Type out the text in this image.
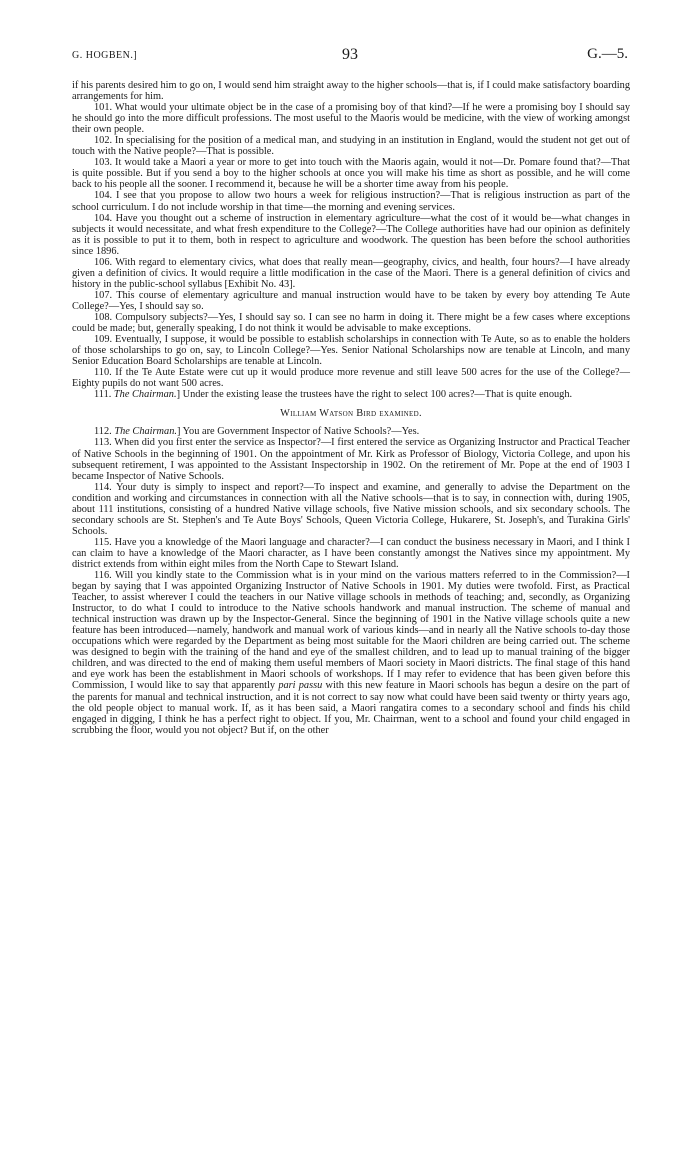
G. HOGBEN.]	93	G.—5.

if his parents desired him to go on, I would send him straight away to the higher schools—that is, if I could make satisfactory boarding arrangements for him.

101. What would your ultimate object be in the case of a promising boy of that kind?—If he were a promising boy I should say he should go into the more difficult professions. The most useful to the Maoris would be medicine, with the view of working amongst their own people.

102. In specialising for the position of a medical man, and studying in an institution in England, would the student not get out of touch with the Native people?—That is possible.

103. It would take a Maori a year or more to get into touch with the Maoris again, would it not—Dr. Pomare found that?—That is quite possible. But if you send a boy to the higher schools at once you will make his time as short as possible, and he will come back to his people all the sooner. I recommend it, because he will be a shorter time away from his people.

104. I see that you propose to allow two hours a week for religious instruction?—That is religious instruction as part of the school curriculum. I do not include worship in that time—the morning and evening services.

104. Have you thought out a scheme of instruction in elementary agriculture—what the cost of it would be—what changes in subjects it would necessitate, and what fresh expenditure to the College?—The College authorities have had our opinion as definitely as it is possible to put it to them, both in respect to agriculture and woodwork. The question has been before the school authorities since 1896.

106. With regard to elementary civics, what does that really mean—geography, civics, and health, four hours?—I have already given a definition of civics. It would require a little modification in the case of the Maori. There is a general definition of civics and history in the public-school syllabus [Exhibit No. 43].

107. This course of elementary agriculture and manual instruction would have to be taken by every boy attending Te Aute College?—Yes, I should say so.

108. Compulsory subjects?—Yes, I should say so. I can see no harm in doing it. There might be a few cases where exceptions could be made; but, generally speaking, I do not think it would be advisable to make exceptions.

109. Eventually, I suppose, it would be possible to establish scholarships in connection with Te Aute, so as to enable the holders of those scholarships to go on, say, to Lincoln College?—Yes. Senior National Scholarships now are tenable at Lincoln, and many Senior Education Board Scholarships are tenable at Lincoln.

110. If the Te Aute Estate were cut up it would produce more revenue and still leave 500 acres for the use of the College?—Eighty pupils do not want 500 acres.

111. The Chairman.] Under the existing lease the trustees have the right to select 100 acres?—That is quite enough.

William Watson Bird examined.

112. The Chairman.] You are Government Inspector of Native Schools?—Yes.

113. When did you first enter the service as Inspector?—I first entered the service as Organizing Instructor and Practical Teacher of Native Schools in the beginning of 1901. On the appointment of Mr. Kirk as Professor of Biology, Victoria College, and upon his subsequent retirement, I was appointed to the Assistant Inspectorship in 1902. On the retirement of Mr. Pope at the end of 1903 I became Inspector of Native Schools.

114. Your duty is simply to inspect and report?—To inspect and examine, and generally to advise the Department on the condition and working and circumstances in connection with all the Native schools—that is to say, in connection with, during 1905, about 111 institutions, consisting of a hundred Native village schools, five Native mission schools, and six secondary schools. The secondary schools are St. Stephen's and Te Aute Boys' Schools, Queen Victoria College, Hukarere, St. Joseph's, and Turakina Girls' Schools.

115. Have you a knowledge of the Maori language and character?—I can conduct the business necessary in Maori, and I think I can claim to have a knowledge of the Maori character, as I have been constantly amongst the Natives since my appointment. My district extends from within eight miles from the North Cape to Stewart Island.

116. Will you kindly state to the Commission what is in your mind on the various matters referred to in the Commission?—I began by saying that I was appointed Organizing Instructor of Native Schools in 1901. My duties were twofold. First, as Practical Teacher, to assist wherever I could the teachers in our Native village schools in methods of teaching; and, secondly, as Organizing Instructor, to do what I could to introduce to the Native schools handwork and manual instruction. The scheme of manual and technical instruction was drawn up by the Inspector-General. Since the beginning of 1901 in the Native village schools quite a new feature has been introduced—namely, handwork and manual work of various kinds—and in nearly all the Native schools to-day those occupations which were regarded by the Department as being most suitable for the Maori children are being carried out. The scheme was designed to begin with the training of the hand and eye of the smallest children, and to lead up to manual training of the bigger children, and was directed to the end of making them useful members of Maori society in Maori districts. The final stage of this hand and eye work has been the establishment in Maori schools of workshops. If I may refer to evidence that has been given before this Commission, I would like to say that apparently pari passu with this new feature in Maori schools has begun a desire on the part of the parents for manual and technical instruction, and it is not correct to say now what could have been said twenty or thirty years ago, the old people object to manual work. If, as it has been said, a Maori rangatira comes to a secondary school and finds his child engaged in digging, I think he has a perfect right to object. If you, Mr. Chairman, went to a school and found your child engaged in scrubbing the floor, would you not object? But if, on the other
